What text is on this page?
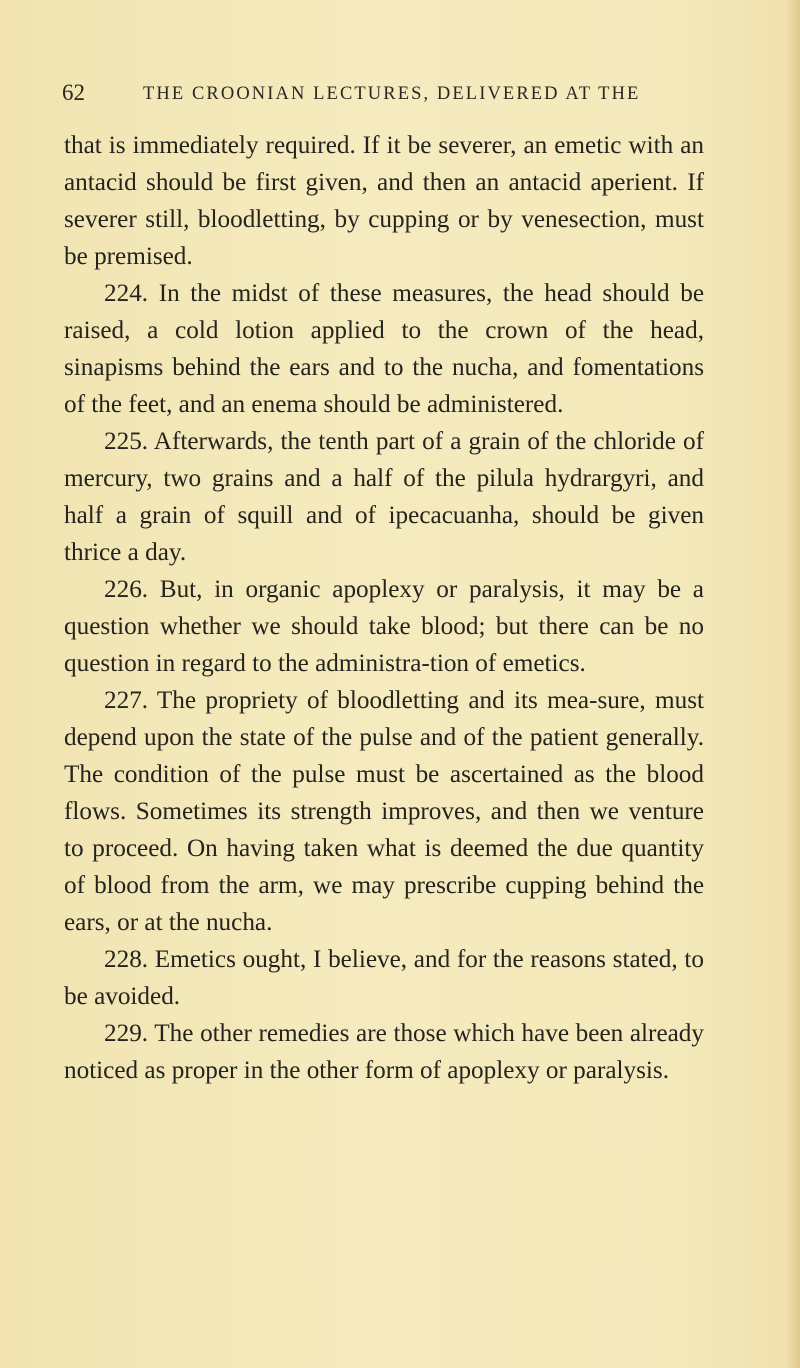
62	THE CROONIAN LECTURES, DELIVERED AT THE

that is immediately required. If it be severer, an emetic with an antacid should be first given, and then an antacid aperient. If severer still, bloodletting, by cupping or by venesection, must be premised.

224. In the midst of these measures, the head should be raised, a cold lotion applied to the crown of the head, sinapisms behind the ears and to the nucha, and fomentations of the feet, and an enema should be administered.

225. Afterwards, the tenth part of a grain of the chloride of mercury, two grains and a half of the pilula hydrargyri, and half a grain of squill and of ipecacuanha, should be given thrice a day.

226. But, in organic apoplexy or paralysis, it may be a question whether we should take blood; but there can be no question in regard to the administra-tion of emetics.

227. The propriety of bloodletting and its mea-sure, must depend upon the state of the pulse and of the patient generally. The condition of the pulse must be ascertained as the blood flows. Sometimes its strength improves, and then we venture to proceed. On having taken what is deemed the due quantity of blood from the arm, we may prescribe cupping behind the ears, or at the nucha.

228. Emetics ought, I believe, and for the reasons stated, to be avoided.

229. The other remedies are those which have been already noticed as proper in the other form of apoplexy or paralysis.
